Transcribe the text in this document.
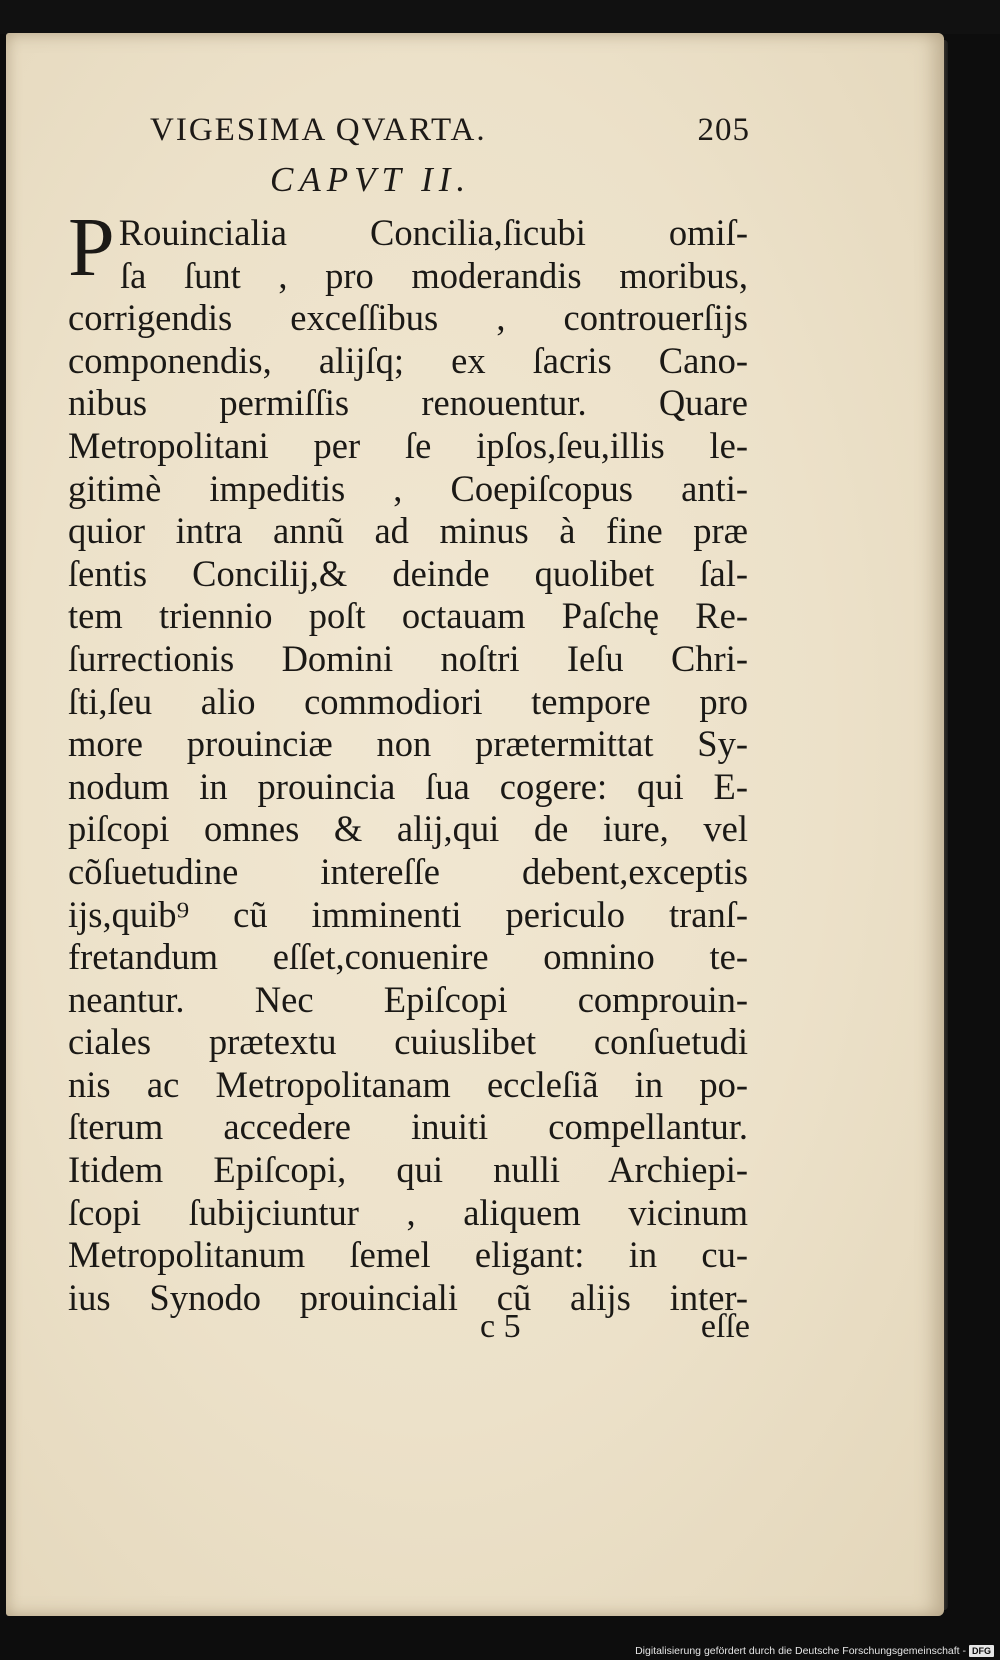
VIGESIMA QVARTA.	205
CAPVT II.
P Rouincialia Concilia,ſicubi omiſ-
ſa ſunt , pro moderandis moribus,
corrigendis exceſſibus , controuerſijs
componendis, alijſq; ex ſacris Cano-
nibus permiſſis renouentur. Quare
Metropolitani per ſe ipſos,ſeu,illis le-
gitimè impeditis , Coepiſcopus anti-
quior intra annũ ad minus à fine præ
ſentis Concilij,& deinde quolibet ſal-
tem triennio poſt octauam Paſchę Re-
ſurrectionis Domini noſtri Ieſu Chri-
ſti,ſeu alio commodiori tempore pro
more prouinciæ non prætermittat Sy-
nodum in prouincia ſua cogere: qui E-
piſcopi omnes & alij,qui de iure, vel
cõſuetudine intereſſe debent,exceptis
ijs,quib⁹ cũ imminenti periculo tranſ-
fretandum eſſet,conuenire omnino te-
neantur. Nec Epiſcopi comprouin-
ciales prætextu cuiuslibet conſuetudi
nis ac Metropolitanam eccleſiã in po-
ſterum accedere inuiti compellantur.
Itidem Epiſcopi, qui nulli Archiepi-
ſcopi ſubijciuntur , aliquem vicinum
Metropolitanum ſemel eligant: in cu-
ius Synodo prouinciali cũ alijs inter-
c 5	eſſe
Digitalisierung gefördert durch die Deutsche Forschungsgemeinschaft - DFG
